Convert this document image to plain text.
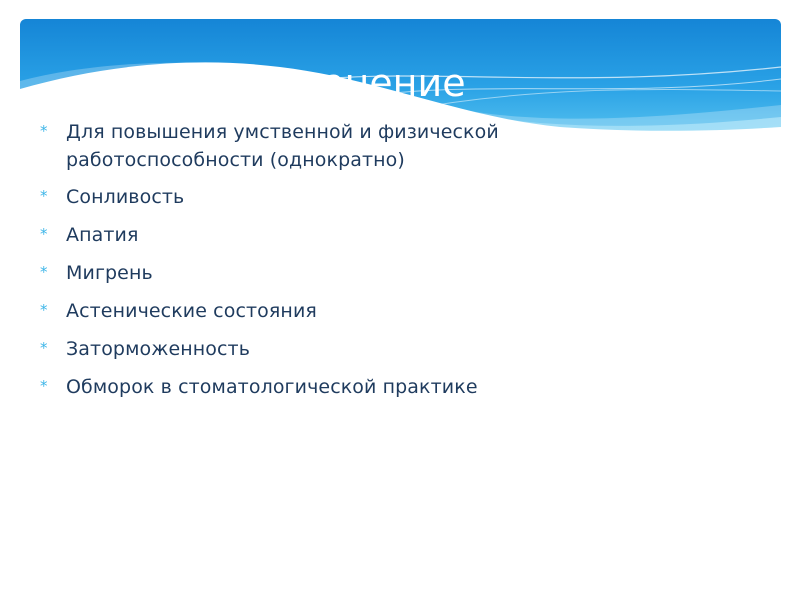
Применение
* Для повышения умственной и физической работоспособности (однократно)
* Сонливость
* Апатия
* Мигрень
* Астенические состояния
* Заторможенность
* Обморок в стоматологической практике
